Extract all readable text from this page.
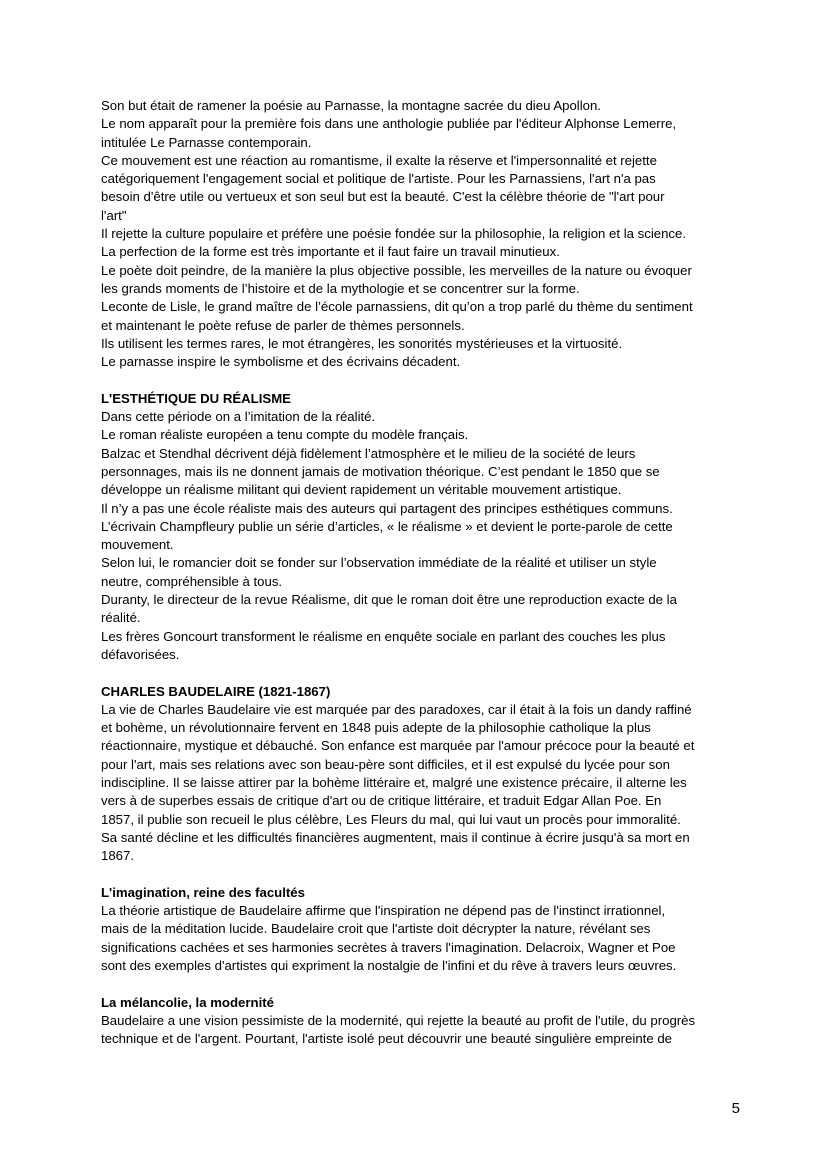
Son but était de ramener la poésie au Parnasse, la montagne sacrée du dieu Apollon.
Le nom apparaît pour la première fois dans une anthologie publiée par l'éditeur Alphonse Lemerre,
intitulée Le Parnasse contemporain.
Ce mouvement est une réaction au romantisme, il exalte la réserve et l'impersonnalité et rejette
catégoriquement l'engagement social et politique de l'artiste. Pour les Parnassiens, l'art n'a pas
besoin d'être utile ou vertueux et son seul but est la beauté. C'est la célèbre théorie de "l'art pour
l'art"
Il rejette la culture populaire et préfère une poésie fondée sur la philosophie, la religion et la science.
La perfection de la forme est très importante et il faut faire un travail minutieux.
Le poète doit peindre, de la manière la plus objective possible, les merveilles de la nature ou évoquer
les grands moments de l’histoire et de la mythologie et se concentrer sur la forme.
Leconte de Lisle, le grand maître de l’école parnassiens, dit qu’on a trop parlé du thème du sentiment
et maintenant le poète refuse de parler de thèmes personnels.
Ils utilisent les termes rares, le mot étrangères, les sonorités mystérieuses et la virtuosité.
Le parnasse inspire le symbolisme et des écrivains décadent.
L'ESTHÉTIQUE DU RÉALISME
Dans cette période on a l’imitation de la réalité.
Le roman réaliste européen a tenu compte du modèle français.
Balzac et Stendhal décrivent déjà fidèlement l’atmosphère et le milieu de la société de leurs
personnages, mais ils ne donnent jamais de motivation théorique. C’est pendant le 1850 que se
développe un réalisme militant qui devient rapidement un véritable mouvement artistique.
Il n’y a pas une école réaliste mais des auteurs qui partagent des principes esthétiques communs.
L’écrivain Champfleury publie un série d’articles, « le réalisme » et devient le porte-parole de cette
mouvement.
Selon lui, le romancier doit se fonder sur l’observation immédiate de la réalité et utiliser un style
neutre, compréhensible à tous.
Duranty, le directeur de la revue Réalisme, dit que le roman doit être une reproduction exacte de la
réalité.
Les frères Goncourt transforment le réalisme en enquête sociale en parlant des couches les plus
défavorisées.
CHARLES BAUDELAIRE (1821-1867)
La vie de Charles Baudelaire vie est marquée par des paradoxes, car il était à la fois un dandy raffiné
et bohème, un révolutionnaire fervent en 1848 puis adepte de la philosophie catholique la plus
réactionnaire, mystique et débauché. Son enfance est marquée par l'amour précoce pour la beauté et
pour l'art, mais ses relations avec son beau-père sont difficiles, et il est expulsé du lycée pour son
indiscipline. Il se laisse attirer par la bohème littéraire et, malgré une existence précaire, il alterne les
vers à de superbes essais de critique d'art ou de critique littéraire, et traduit Edgar Allan Poe. En
1857, il publie son recueil le plus célèbre, Les Fleurs du mal, qui lui vaut un procès pour immoralité.
Sa santé décline et les difficultés financières augmentent, mais il continue à écrire jusqu'à sa mort en
1867.
L'imagination, reine des facultés
La théorie artistique de Baudelaire affirme que l'inspiration ne dépend pas de l'instinct irrationnel,
mais de la méditation lucide. Baudelaire croit que l'artiste doit décrypter la nature, révélant ses
significations cachées et ses harmonies secrètes à travers l'imagination. Delacroix, Wagner et Poe
sont des exemples d'artistes qui expriment la nostalgie de l'infini et du rêve à travers leurs œuvres.
La mélancolie, la modernité
Baudelaire a une vision pessimiste de la modernité, qui rejette la beauté au profit de l'utile, du progrès
technique et de l'argent. Pourtant, l'artiste isolé peut découvrir une beauté singulière empreinte de
5
